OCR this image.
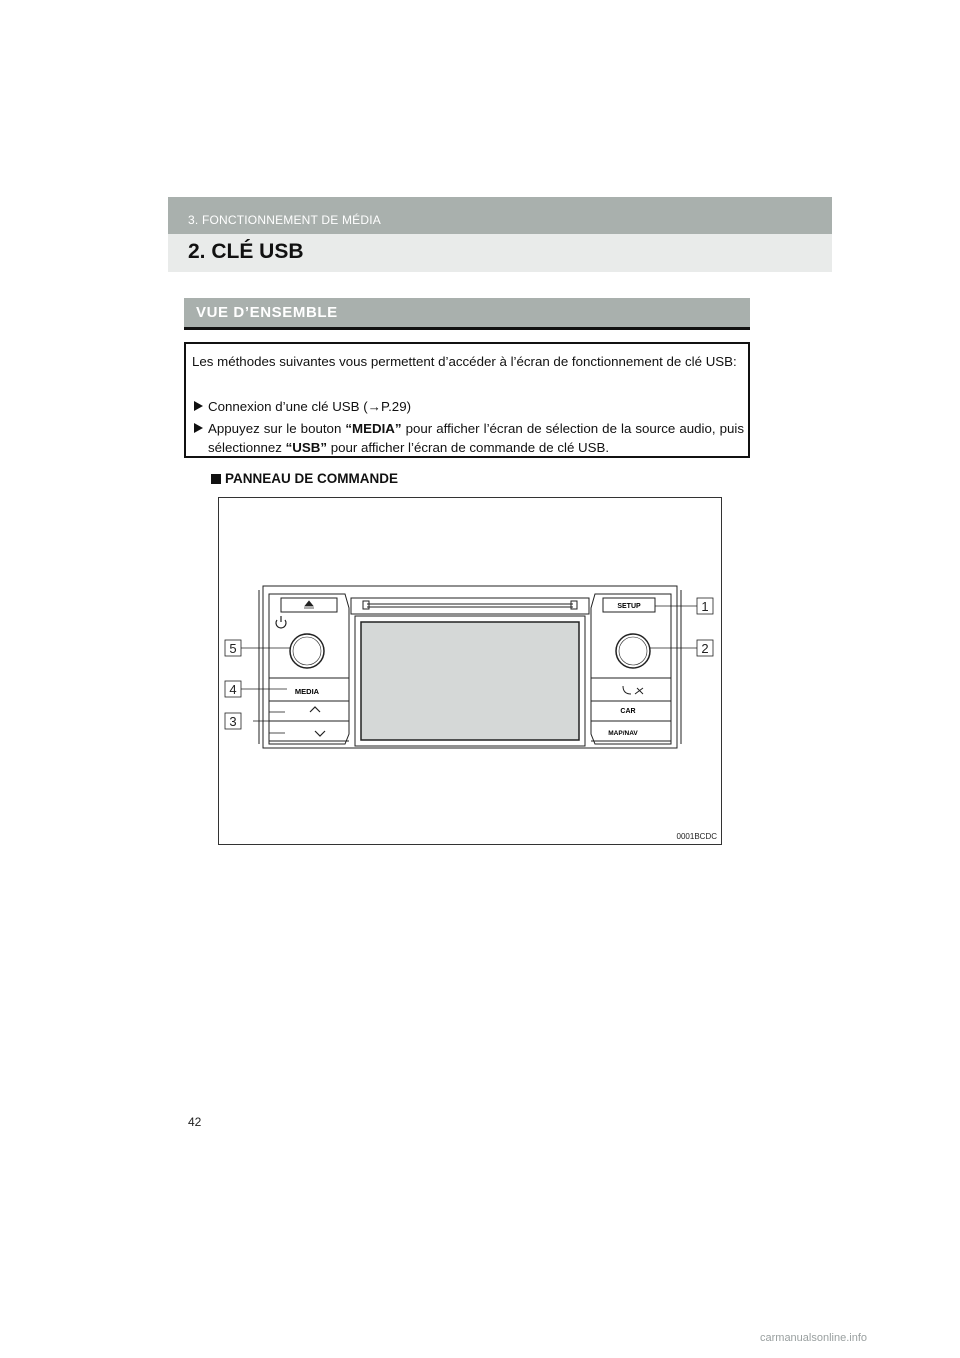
3. FONCTIONNEMENT DE MÉDIA
2. CLÉ USB
VUE D’ENSEMBLE
Les méthodes suivantes vous permettent d’accéder à l’écran de fonctionnement de clé USB:
Connexion d’une clé USB (→P.29)
Appuyez sur le bouton “MEDIA” pour afficher l’écran de sélection de la source audio, puis sélectionnez “USB” pour afficher l’écran de commande de clé USB.
PANNEAU DE COMMANDE
MEDIA
SETUP
CAR
MAP/NAV
1
2
5
4
3
0001BCDC
42
carmanualsonline.info
